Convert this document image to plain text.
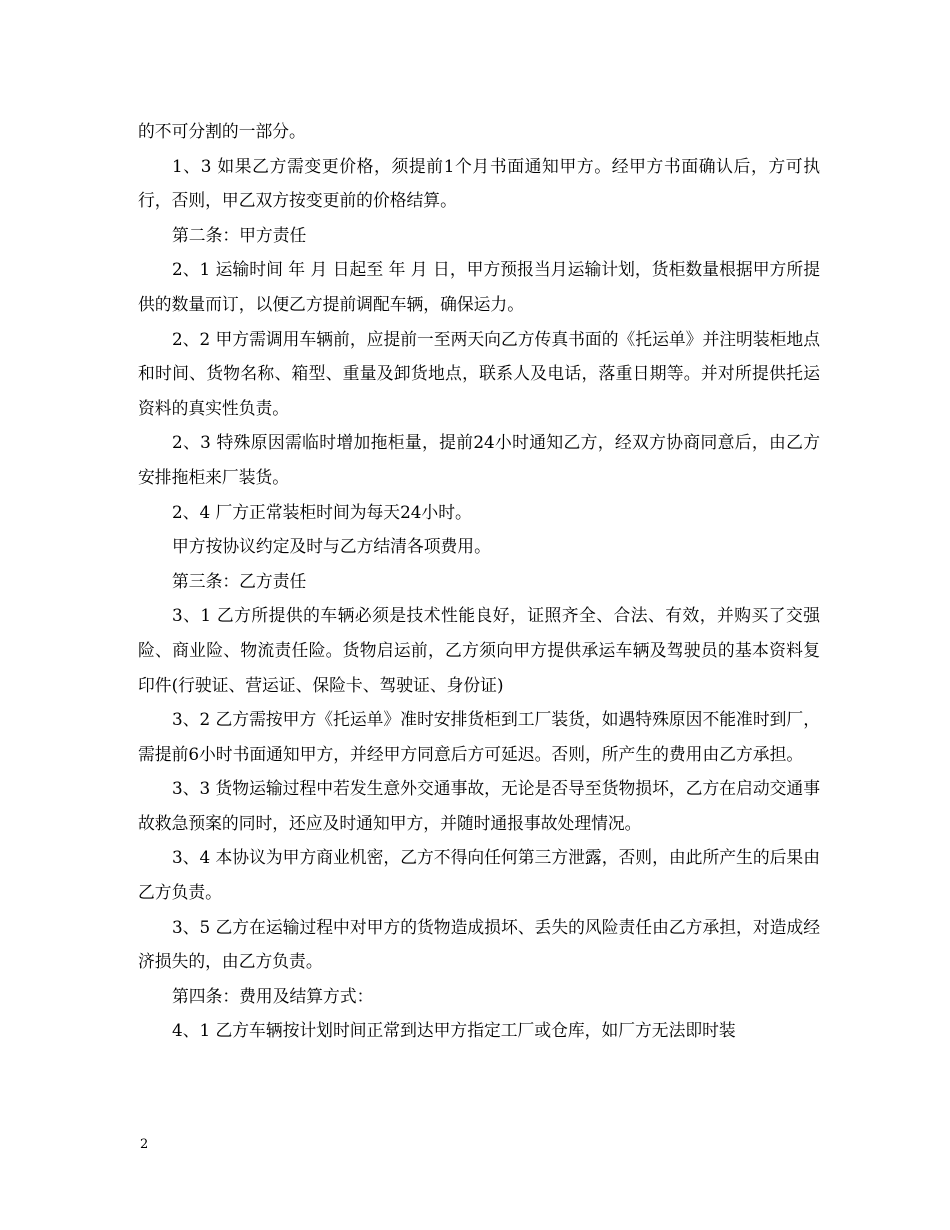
的不可分割的一部分。

1、3 如果乙方需变更价格，须提前1个月书面通知甲方。经甲方书面确认后，方可执行，否则，甲乙双方按变更前的价格结算。

第二条：甲方责任

2、1 运输时间 年 月 日起至 年 月 日，甲方预报当月运输计划，货柜数量根据甲方所提供的数量而订，以便乙方提前调配车辆，确保运力。

2、2 甲方需调用车辆前，应提前一至两天向乙方传真书面的《托运单》并注明装柜地点和时间、货物名称、箱型、重量及卸货地点，联系人及电话，落重日期等。并对所提供托运资料的真实性负责。

2、3 特殊原因需临时增加拖柜量，提前24小时通知乙方，经双方协商同意后，由乙方安排拖柜来厂装货。

2、4 厂方正常装柜时间为每天24小时。

甲方按协议约定及时与乙方结清各项费用。

第三条：乙方责任

3、1 乙方所提供的车辆必须是技术性能良好，证照齐全、合法、有效，并购买了交强险、商业险、物流责任险。货物启运前，乙方须向甲方提供承运车辆及驾驶员的基本资料复印件(行驶证、营运证、保险卡、驾驶证、身份证)

3、2 乙方需按甲方《托运单》准时安排货柜到工厂装货，如遇特殊原因不能准时到厂，需提前6小时书面通知甲方，并经甲方同意后方可延迟。否则，所产生的费用由乙方承担。

3、3 货物运输过程中若发生意外交通事故，无论是否导至货物损坏，乙方在启动交通事故救急预案的同时，还应及时通知甲方，并随时通报事故处理情况。

3、4 本协议为甲方商业机密，乙方不得向任何第三方泄露，否则，由此所产生的后果由乙方负责。

3、5 乙方在运输过程中对甲方的货物造成损坏、丢失的风险责任由乙方承担，对造成经济损失的，由乙方负责。

第四条：费用及结算方式：

4、1 乙方车辆按计划时间正常到达甲方指定工厂或仓库，如厂方无法即时装

2
